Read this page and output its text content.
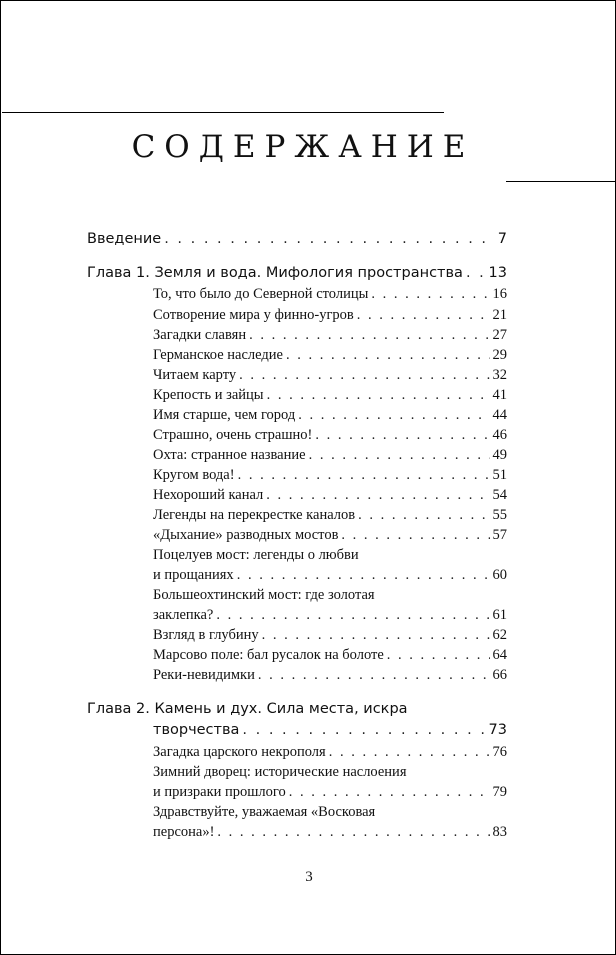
СОДЕРЖАНИЕ
Введение . . .	7
Глава 1. Земля и вода. Мифология пространства . . . 13
То, что было до Северной столицы . . .	16
Сотворение мира у финно-угров . . .	21
Загадки славян . . .	27
Германское наследие . . .	29
Читаем карту . . .	32
Крепость и зайцы . . .	41
Имя старше, чем город . . .	44
Страшно, очень страшно! . . .	46
Охта: странное название . . .	49
Кругом вода! . . .	51
Нехороший канал . . .	54
Легенды на перекрестке каналов . . .	55
«Дыхание» разводных мостов . . .	57
Поцелуев мост: легенды о любви
и прощаниях . . .	60
Большеохтинский мост: где золотая
заклепка? . . .	61
Взгляд в глубину . . .	62
Марсово поле: бал русалок на болоте . . .	64
Реки-невидимки . . .	66
Глава 2. Камень и дух. Сила места, искра
творчества . . .	73
Загадка царского некрополя . . .	76
Зимний дворец: исторические наслоения
и призраки прошлого . . .	79
Здравствуйте, уважаемая «Восковая
персона»! . . .	83
3
